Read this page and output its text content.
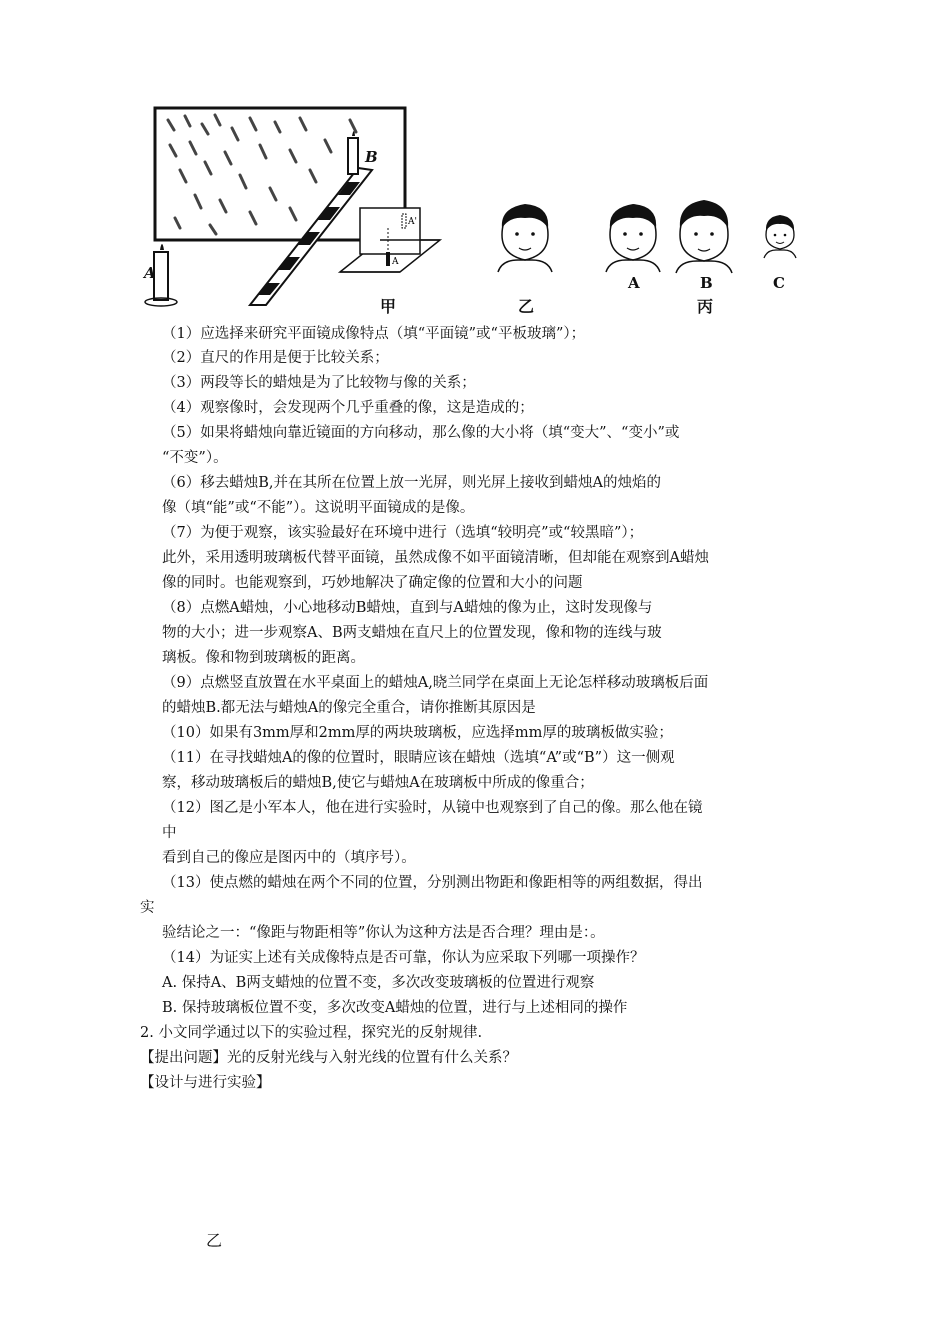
B
A
A'
A
甲	乙
A	B	C
丙
（1）应选择来研究平面镜成像特点（填“平面镜”或“平板玻璃”）；
（2）直尺的作用是便于比较关系；
（3）两段等长的蜡烛是为了比较物与像的关系；
（4）观察像时，会发现两个几乎重叠的像，这是造成的；
（5）如果将蜡烛向靠近镜面的方向移动，那么像的大小将（填“变大”、“变小”或
“不变”）。
（6）移去蜡烛B,并在其所在位置上放一光屏，则光屏上接收到蜡烛A的烛焰的
像（填“能”或“不能”）。这说明平面镜成的是像。
（7）为便于观察，该实验最好在环境中进行（选填“较明亮”或“较黑暗”）；
此外，采用透明玻璃板代替平面镜，虽然成像不如平面镜清晰，但却能在观察到A蜡烛
像的同时。也能观察到，巧妙地解决了确定像的位置和大小的问题
（8）点燃A蜡烛，小心地移动B蜡烛，直到与A蜡烛的像为止，这时发现像与
物的大小；进一步观察A、B两支蜡烛在直尺上的位置发现，像和物的连线与玻
璃板。像和物到玻璃板的距离。
（9）点燃竖直放置在水平桌面上的蜡烛A,晓兰同学在桌面上无论怎样移动玻璃板后面
的蜡烛B.都无法与蜡烛A的像完全重合，请你推断其原因是
（10）如果有3mm厚和2mm厚的两块玻璃板，应选择mm厚的玻璃板做实验；
（11）在寻找蜡烛A的像的位置时，眼睛应该在蜡烛（选填“A”或“B”）这一侧观
察，移动玻璃板后的蜡烛B,使它与蜡烛A在玻璃板中所成的像重合；
（12）图乙是小军本人，他在进行实验时，从镜中也观察到了自己的像。那么他在镜
中
看到自己的像应是图丙中的（填序号）。
（13）使点燃的蜡烛在两个不同的位置，分别测出物距和像距相等的两组数据，得出
实
验结论之一：“像距与物距相等”你认为这种方法是否合理？理由是：。
（14）为证实上述有关成像特点是否可靠，你认为应采取下列哪一项操作？
A. 保持A、B两支蜡烛的位置不变，多次改变玻璃板的位置进行观察
B. 保持玻璃板位置不变，多次改变A蜡烛的位置，进行与上述相同的操作
2. 小文同学通过以下的实验过程，探究光的反射规律.
【提出问题】光的反射光线与入射光线的位置有什么关系？
【设计与进行实验】
乙
